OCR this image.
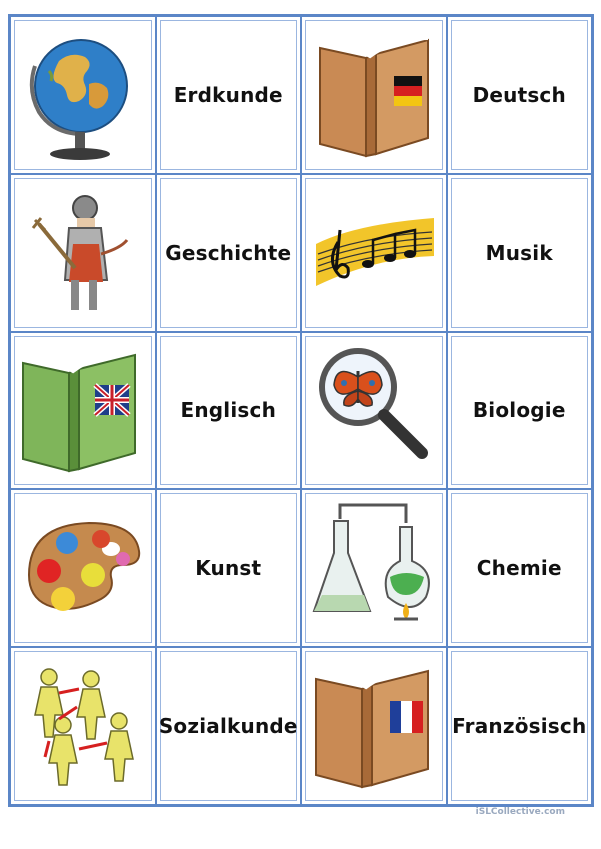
Erdkunde	Deutsch
Geschichte	Musik
Englisch	Biologie
Kunst	Chemie
Sozialkunde	Französisch
iSLCollective.com
